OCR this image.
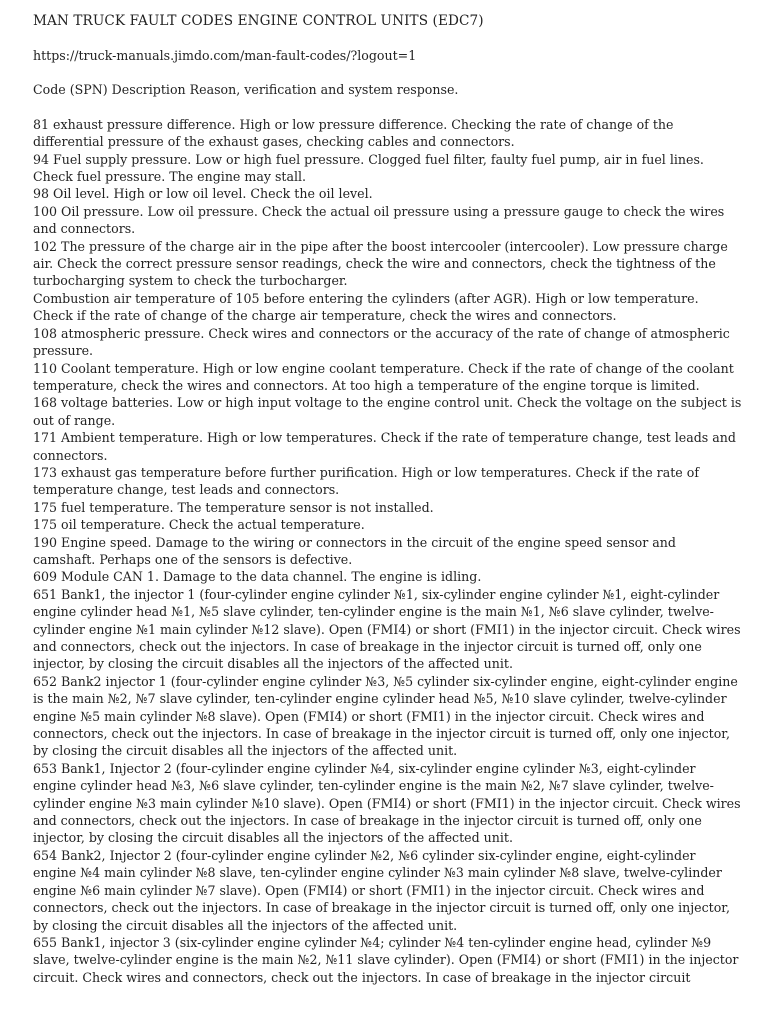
MAN TRUCK FAULT CODES ENGINE CONTROL UNITS (EDC7)

https://truck-manuals.jimdo.com/man-fault-codes/?logout=1

Code (SPN) Description Reason, verification and system response.

81 exhaust pressure difference. High or low pressure difference. Checking the rate of change of the differential pressure of the exhaust gases, checking cables and connectors.
94 Fuel supply pressure. Low or high fuel pressure. Clogged fuel filter, faulty fuel pump, air in fuel lines. Check fuel pressure. The engine may stall.
98 Oil level. High or low oil level. Check the oil level.
100 Oil pressure. Low oil pressure. Check the actual oil pressure using a pressure gauge to check the wires and connectors.
102 The pressure of the charge air in the pipe after the boost intercooler (intercooler). Low pressure charge air. Check the correct pressure sensor readings, check the wire and connectors, check the tightness of the turbocharging system to check the turbocharger.
Combustion air temperature of 105 before entering the cylinders (after AGR). High or low temperature. Check if the rate of change of the charge air temperature, check the wires and connectors.
108 atmospheric pressure. Check wires and connectors or the accuracy of the rate of change of atmospheric pressure.
110 Coolant temperature. High or low engine coolant temperature. Check if the rate of change of the coolant temperature, check the wires and connectors. At too high a temperature of the engine torque is limited.
168 voltage batteries. Low or high input voltage to the engine control unit. Check the voltage on the subject is out of range.
171 Ambient temperature. High or low temperatures. Check if the rate of temperature change, test leads and connectors.
173 exhaust gas temperature before further purification. High or low temperatures. Check if the rate of temperature change, test leads and connectors.
175 fuel temperature. The temperature sensor is not installed.
175 oil temperature. Check the actual temperature.
190 Engine speed. Damage to the wiring or connectors in the circuit of the engine speed sensor and camshaft. Perhaps one of the sensors is defective.
609 Module CAN 1. Damage to the data channel. The engine is idling.
651 Bank1, the injector 1 (four-cylinder engine cylinder №1, six-cylinder engine cylinder №1, eight-cylinder engine cylinder head №1, №5 slave cylinder, ten-cylinder engine is the main №1, №6 slave cylinder, twelve-cylinder engine №1 main cylinder №12 slave). Open (FMI4) or short (FMI1) in the injector circuit. Check wires and connectors, check out the injectors. In case of breakage in the injector circuit is turned off, only one injector, by closing the circuit disables all the injectors of the affected unit.
652 Bank2 injector 1 (four-cylinder engine cylinder №3, №5 cylinder six-cylinder engine, eight-cylinder engine is the main №2, №7 slave cylinder, ten-cylinder engine cylinder head №5, №10 slave cylinder, twelve-cylinder engine №5 main cylinder №8 slave). Open (FMI4) or short (FMI1) in the injector circuit. Check wires and connectors, check out the injectors. In case of breakage in the injector circuit is turned off, only one injector, by closing the circuit disables all the injectors of the affected unit.
653 Bank1, Injector 2 (four-cylinder engine cylinder №4, six-cylinder engine cylinder №3, eight-cylinder engine cylinder head №3, №6 slave cylinder, ten-cylinder engine is the main №2, №7 slave cylinder, twelve-cylinder engine №3 main cylinder №10 slave). Open (FMI4) or short (FMI1) in the injector circuit. Check wires and connectors, check out the injectors. In case of breakage in the injector circuit is turned off, only one injector, by closing the circuit disables all the injectors of the affected unit.
654 Bank2, Injector 2 (four-cylinder engine cylinder №2, №6 cylinder six-cylinder engine, eight-cylinder engine №4 main cylinder №8 slave, ten-cylinder engine cylinder №3 main cylinder №8 slave, twelve-cylinder engine №6 main cylinder №7 slave). Open (FMI4) or short (FMI1) in the injector circuit. Check wires and connectors, check out the injectors. In case of breakage in the injector circuit is turned off, only one injector, by closing the circuit disables all the injectors of the affected unit.
655 Bank1, injector 3 (six-cylinder engine cylinder №4; cylinder №4 ten-cylinder engine head, cylinder №9 slave, twelve-cylinder engine is the main №2, №11 slave cylinder). Open (FMI4) or short (FMI1) in the injector circuit. Check wires and connectors, check out the injectors. In case of breakage in the injector circuit
